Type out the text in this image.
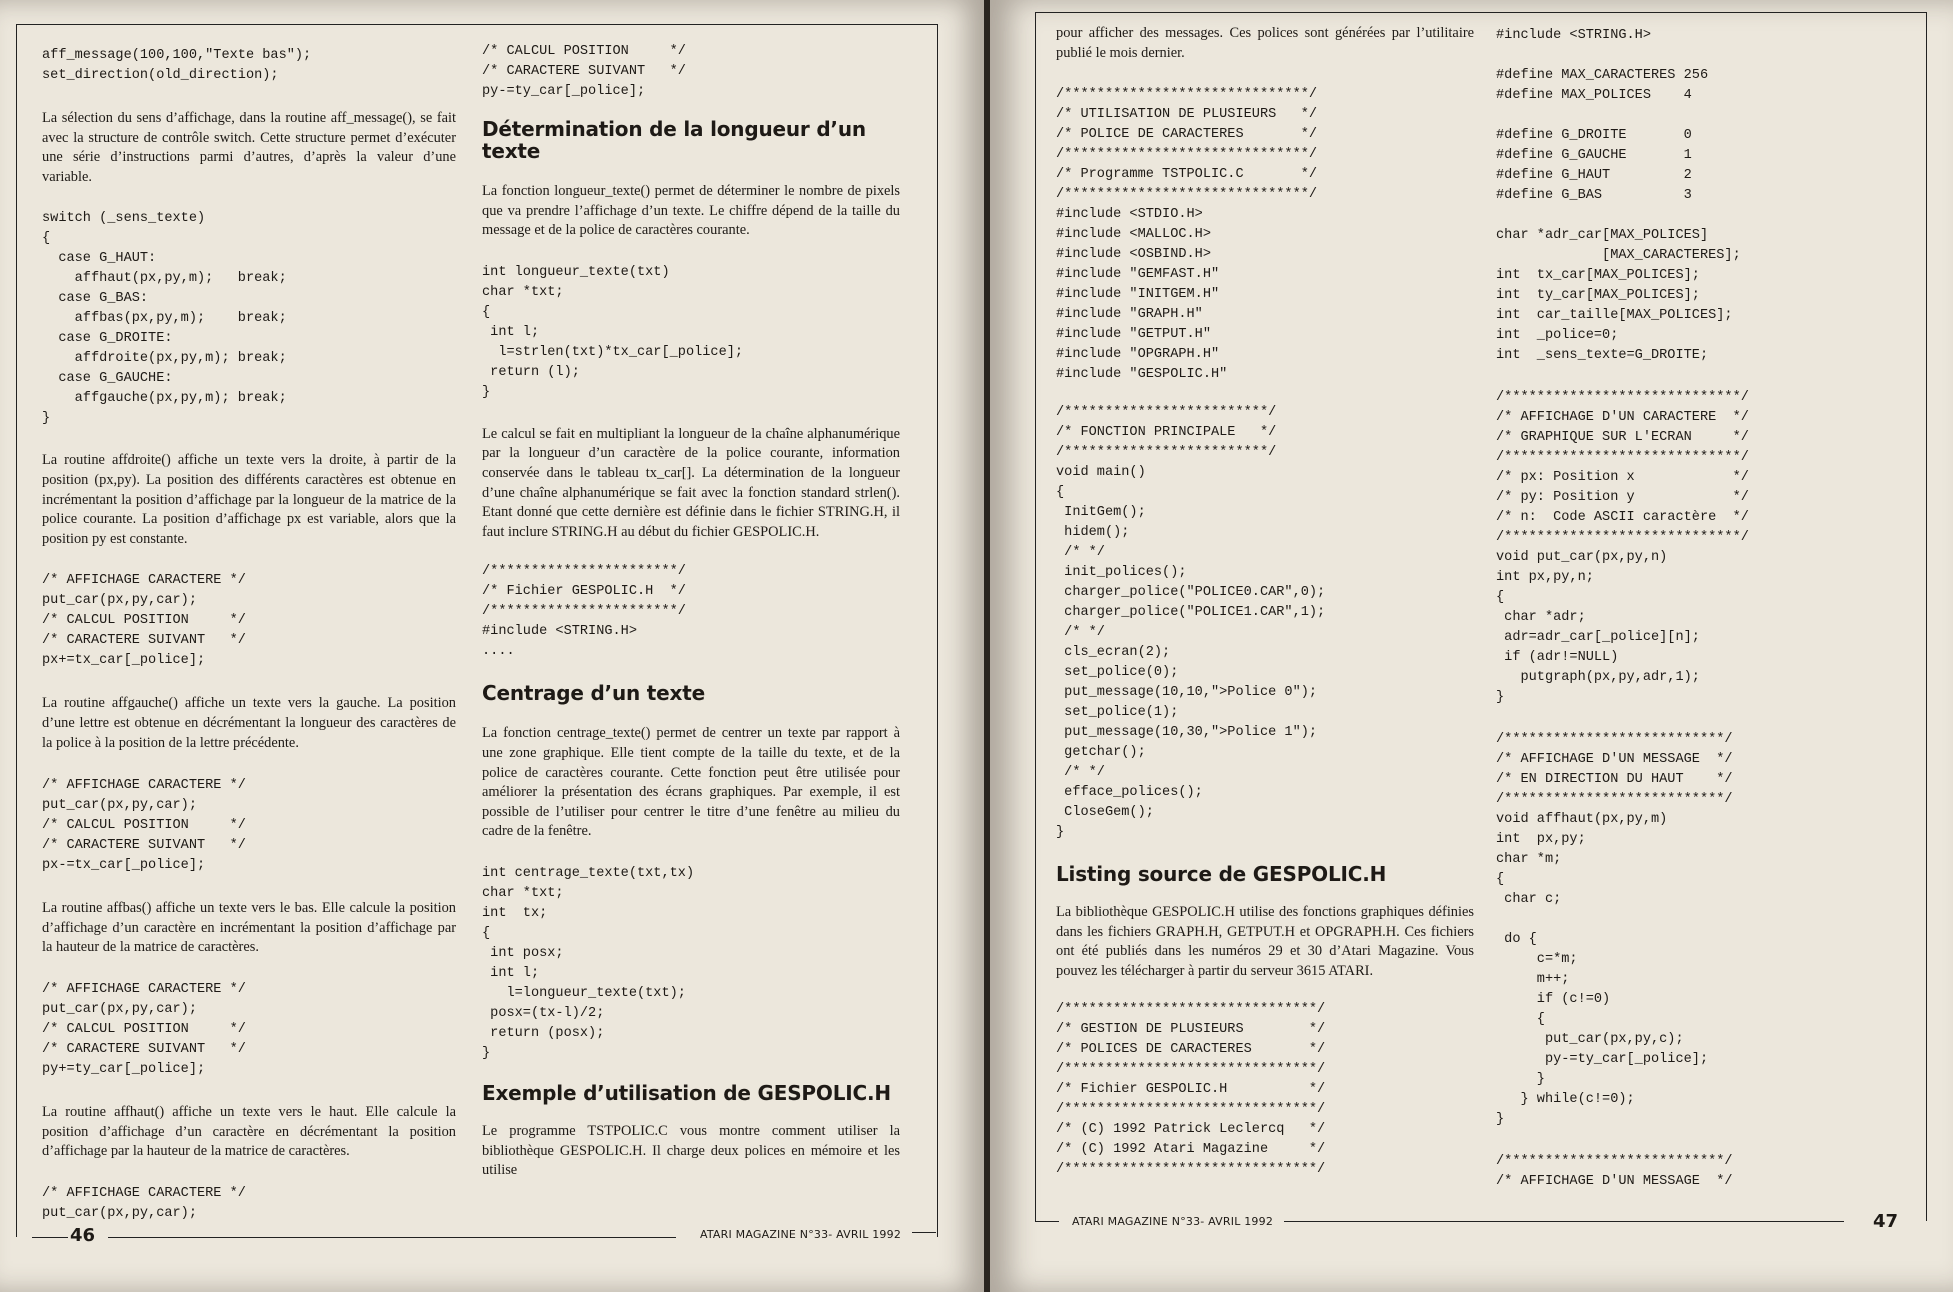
aff_message(100,100,"Texte bas");
set_direction(old_direction);

La sélection du sens d’affichage, dans la routine aff_message(), se fait avec la structure de contrôle switch. Cette structure permet d’exécuter une série d’instructions parmi d’autres, d’après la valeur d’une variable.

switch (_sens_texte)
{
case G_HAUT:
affhaut(px,py,m);   break;
case G_BAS:
affbas(px,py,m);    break;
case G_DROITE:
affdroite(px,py,m); break;
case G_GAUCHE:
affgauche(px,py,m); break;
}

La routine affdroite() affiche un texte vers la droite, à partir de la position (px,py). La position des différents caractères est obtenue en incrémentant la position d’affichage par la longueur de la matrice de la police courante. La position d’affichage px est variable, alors que la position py est constante.

/* AFFICHAGE CARACTERE */
put_car(px,py,car);
/* CALCUL POSITION     */
/* CARACTERE SUIVANT   */
px+=tx_car[_police];

La routine affgauche() affiche un texte vers la gauche. La position d’une lettre est obtenue en décrémentant la longueur des caractères de la police à la position de la lettre précédente.

/* AFFICHAGE CARACTERE */
put_car(px,py,car);
/* CALCUL POSITION     */
/* CARACTERE SUIVANT   */
px-=tx_car[_police];

La routine affbas() affiche un texte vers le bas. Elle calcule la position d’affichage d’un caractère en incrémentant la position d’affichage par la hauteur de la matrice de caractères.

/* AFFICHAGE CARACTERE */
put_car(px,py,car);
/* CALCUL POSITION     */
/* CARACTERE SUIVANT   */
py+=ty_car[_police];

La routine affhaut() affiche un texte vers le haut. Elle calcule la position d’affichage d’un caractère en décrémentant la position d’affichage par la hauteur de la matrice de caractères.

/* AFFICHAGE CARACTERE */
put_car(px,py,car);
/* CALCUL POSITION     */
/* CARACTERE SUIVANT   */
py-=ty_car[_police];
Détermination de la longueur d’un texte

La fonction longueur_texte() permet de déterminer le nombre de pixels que va prendre l’affichage d’un texte. Le chiffre dépend de la taille du message et de la police de caractères courante.

int longueur_texte(txt)
char *txt;
{
int l;
l=strlen(txt)*tx_car[_police];
return (l);
}

Le calcul se fait en multipliant la longueur de la chaîne alphanumérique par la longueur d’un caractère de la police courante, information conservée dans le tableau tx_car[]. La détermination de la longueur d’une chaîne alphanumérique se fait avec la fonction standard strlen(). Etant donné que cette dernière est définie dans le fichier STRING.H, il faut inclure STRING.H au début du fichier GESPOLIC.H.

/***********************/
/* Fichier GESPOLIC.H  */
/***********************/
#include <STRING.H>
....
Centrage d’un texte

La fonction centrage_texte() permet de centrer un texte par rapport à une zone graphique. Elle tient compte de la taille du texte, et de la police de caractères courante. Cette fonction peut être utilisée pour améliorer la présentation des écrans graphiques. Par exemple, il est possible de l’utiliser pour centrer le titre d’une fenêtre au milieu du cadre de la fenêtre.

int centrage_texte(txt,tx)
char *txt;
int  tx;
{
int posx;
int l;
l=longueur_texte(txt);
posx=(tx-l)/2;
return (posx);
}
Exemple d’utilisation de GESPOLIC.H

Le programme TSTPOLIC.C vous montre comment utiliser la bibliothèque GESPOLIC.H. Il charge deux polices en mémoire et les utilise

46	ATARI MAGAZINE N°33- AVRIL 1992

pour afficher des messages. Ces polices sont générées par l’utilitaire publié le mois dernier.

/******************************/
/* UTILISATION DE PLUSIEURS   */
/* POLICE DE CARACTERES       */
/******************************/
/* Programme TSTPOLIC.C       */
/******************************/
#include <STDIO.H>
#include <MALLOC.H>
#include <OSBIND.H>
#include "GEMFAST.H"
#include "INITGEM.H"
#include "GRAPH.H"
#include "GETPUT.H"
#include "OPGRAPH.H"
#include "GESPOLIC.H"
/*************************/
/* FONCTION PRINCIPALE   */
/*************************/
void main()
{
InitGem();
hidem();
/* */
init_polices();
charger_police("POLICE0.CAR",0);
charger_police("POLICE1.CAR",1);
/* */
cls_ecran(2);
set_police(0);
put_message(10,10,">Police 0");
set_police(1);
put_message(10,30,">Police 1");
getchar();
/* */
efface_polices();
CloseGem();
}
Listing source de GESPOLIC.H

La bibliothèque GESPOLIC.H utilise des fonctions graphiques définies dans les fichiers GRAPH.H, GETPUT.H et OPGRAPH.H. Ces fichiers ont été publiés dans les numéros 29 et 30 d’Atari Magazine. Vous pouvez les télécharger à partir du serveur 3615 ATARI.

/*******************************/
/* GESTION DE PLUSIEURS        */
/* POLICES DE CARACTERES       */
/*******************************/
/* Fichier GESPOLIC.H          */
/*******************************/
/* (C) 1992 Patrick Leclercq   */
/* (C) 1992 Atari Magazine     */
/*******************************/
#include <STRING.H>

#define MAX_CARACTERES 256
#define MAX_POLICES    4

#define G_DROITE       0
#define G_GAUCHE       1
#define G_HAUT         2
#define G_BAS          3

char *adr_car[MAX_POLICES]
[MAX_CARACTERES];
int  tx_car[MAX_POLICES];
int  ty_car[MAX_POLICES];
int  car_taille[MAX_POLICES];
int  _police=0;
int  _sens_texte=G_DROITE;
/*****************************/
/* AFFICHAGE D'UN CARACTERE  */
/* GRAPHIQUE SUR L'ECRAN     */
/*****************************/
/* px: Position x            */
/* py: Position y            */
/* n:  Code ASCII caractère  */
/*****************************/
void put_car(px,py,n)
int px,py,n;
{
char *adr;
adr=adr_car[_police][n];
if (adr!=NULL)
putgraph(px,py,adr,1);
}
/***************************/
/* AFFICHAGE D'UN MESSAGE  */
/* EN DIRECTION DU HAUT    */
/***************************/
void affhaut(px,py,m)
int  px,py;
char *m;
{
char c;

do {
c=*m;
m++;
if (c!=0)
{
put_car(px,py,c);
py-=ty_car[_police];
}
} while(c!=0);
}
/***************************/
/* AFFICHAGE D'UN MESSAGE  */
ATARI MAGAZINE N°33- AVRIL 1992	47
